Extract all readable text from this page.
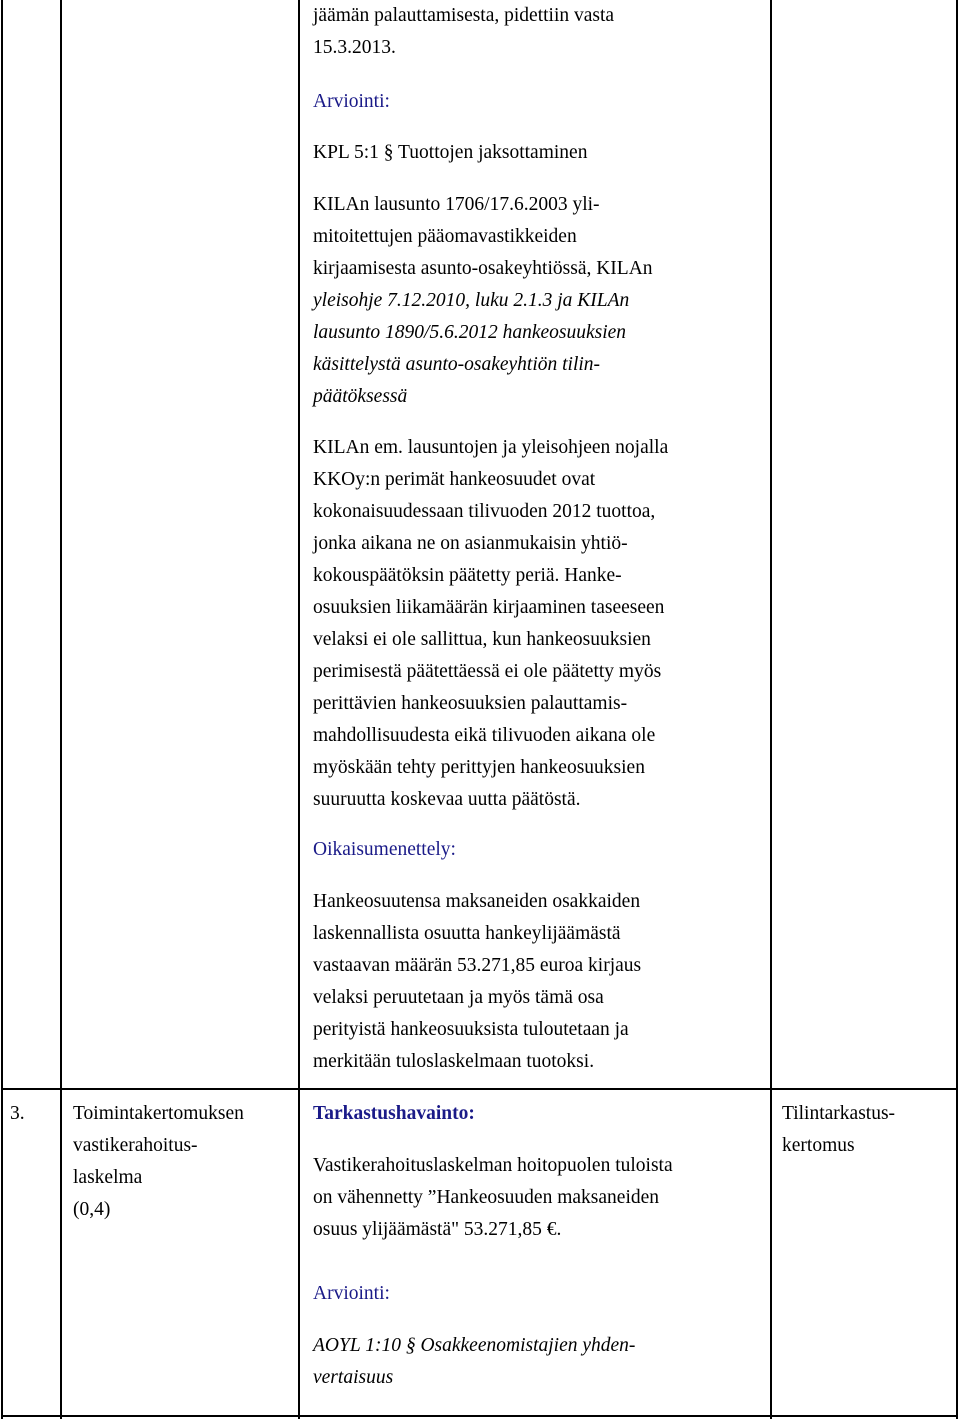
jäämän palauttamisesta, pidettiin vasta
15.3.2013.
Arviointi:
KPL 5:1 § Tuottojen jaksottaminen
KILAn lausunto 1706/17.6.2003 yli-
mitoitettujen pääomavastikkeiden
kirjaamisesta asunto-osakeyhtiössä, KILAn
yleisohje 7.12.2010, luku 2.1.3 ja KILAn
lausunto 1890/5.6.2012 hankeosuuksien
käsittelystä asunto-osakeyhtiön tilin-
päätöksessä
KILAn em. lausuntojen ja yleisohjeen nojalla
KKOy:n perimät hankeosuudet ovat
kokonaisuudessaan tilivuoden 2012 tuottoa,
jonka aikana ne on asianmukaisin yhtiö-
kokouspäätöksin päätetty periä. Hanke-
osuuksien liikamäärän kirjaaminen taseeseen
velaksi ei ole sallittua, kun hankeosuuksien
perimisestä päätettäessä ei ole päätetty myös
perittävien hankeosuuksien palauttamis-
mahdollisuudesta eikä tilivuoden aikana ole
myöskään tehty perittyjen hankeosuuksien
suuruutta koskevaa uutta päätöstä.
Oikaisumenettely:
Hankeosuutensa maksaneiden osakkaiden
laskennallista osuutta hankeylijäämästä
vastaavan määrän 53.271,85 euroa kirjaus
velaksi peruutetaan ja myös tämä osa
perityistä hankeosuuksista tuloutetaan ja
merkitään tuloslaskelmaan tuotoksi.
3. Toimintakertomuksen
vastikerahoitus-
laskelma
(0,4)
Tarkastushavainto:
Vastikerahoituslaskelman hoitopuolen tuloista
on vähennetty ”Hankeosuuden maksaneiden
osuus ylijäämästä" 53.271,85 €.
Arviointi:
AOYL 1:10 § Osakkeenomistajien yhden-
vertaisuus
Tilintarkastus-
kertomus
